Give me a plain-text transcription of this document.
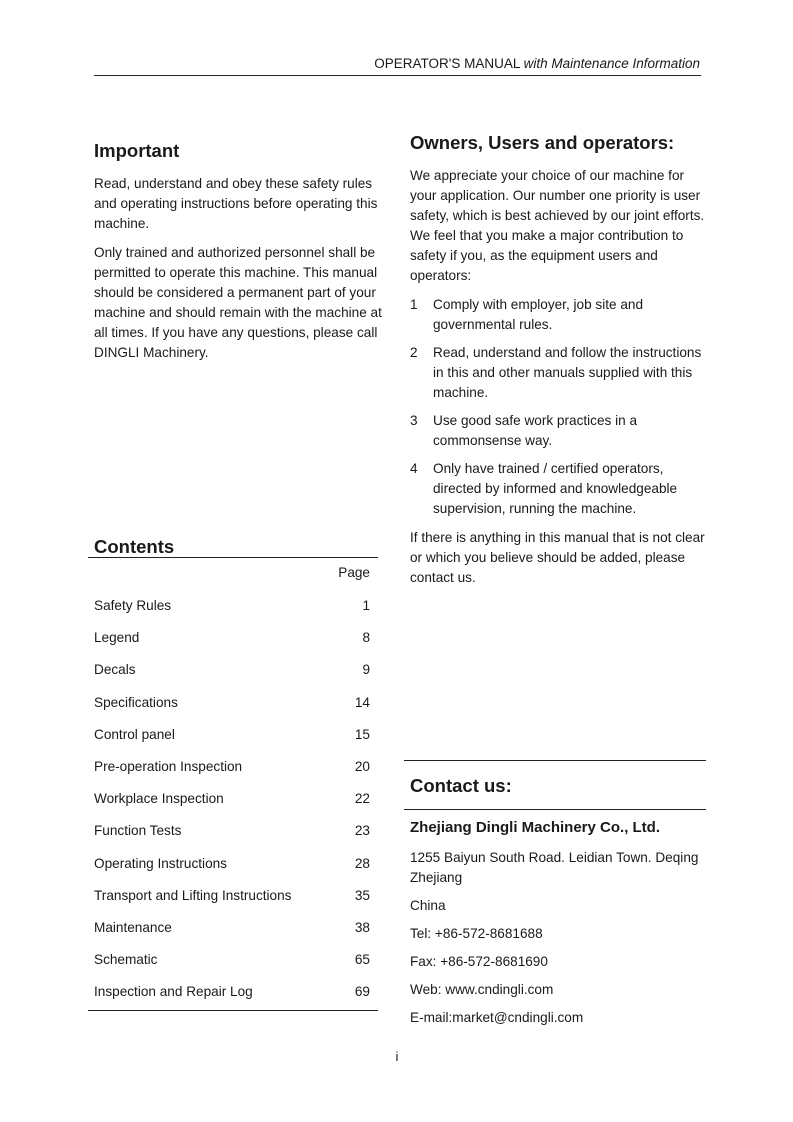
OPERATOR'S MANUAL with Maintenance Information
Important

Read, understand and obey these safety rules and operating instructions before operating this machine.

Only trained and authorized personnel shall be permitted to operate this machine. This manual should be considered a permanent part of your machine and should remain with the machine at all times. If you have any questions, please call DINGLI Machinery.

Owners, Users and operators:

We appreciate your choice of our machine for your application. Our number one priority is user safety, which is best achieved by our joint efforts. We feel that you make a major contribution to safety if you, as the equipment users and operators:

1 Comply with employer, job site and governmental rules.
2 Read, understand and follow the instructions in this and other manuals supplied with this machine.
3 Use good safe work practices in a commonsense way.
4 Only have trained / certified operators, directed by informed and knowledgeable supervision, running the machine.

If there is anything in this manual that is not clear or which you believe should be added, please contact us.

Contents
Page
Safety Rules	1
Legend	8
Decals	9
Specifications	14
Control panel	15
Pre-operation Inspection	20
Workplace Inspection	22
Function Tests	23
Operating Instructions	28
Transport and Lifting Instructions	35
Maintenance	38
Schematic	65
Inspection and Repair Log	69
Contact us:
Zhejiang Dingli Machinery Co., Ltd.
1255 Baiyun South Road. Leidian Town. Deqing Zhejiang
China
Tel: +86-572-8681688
Fax: +86-572-8681690
Web: www.cndingli.com
E-mail:market@cndingli.com
i
